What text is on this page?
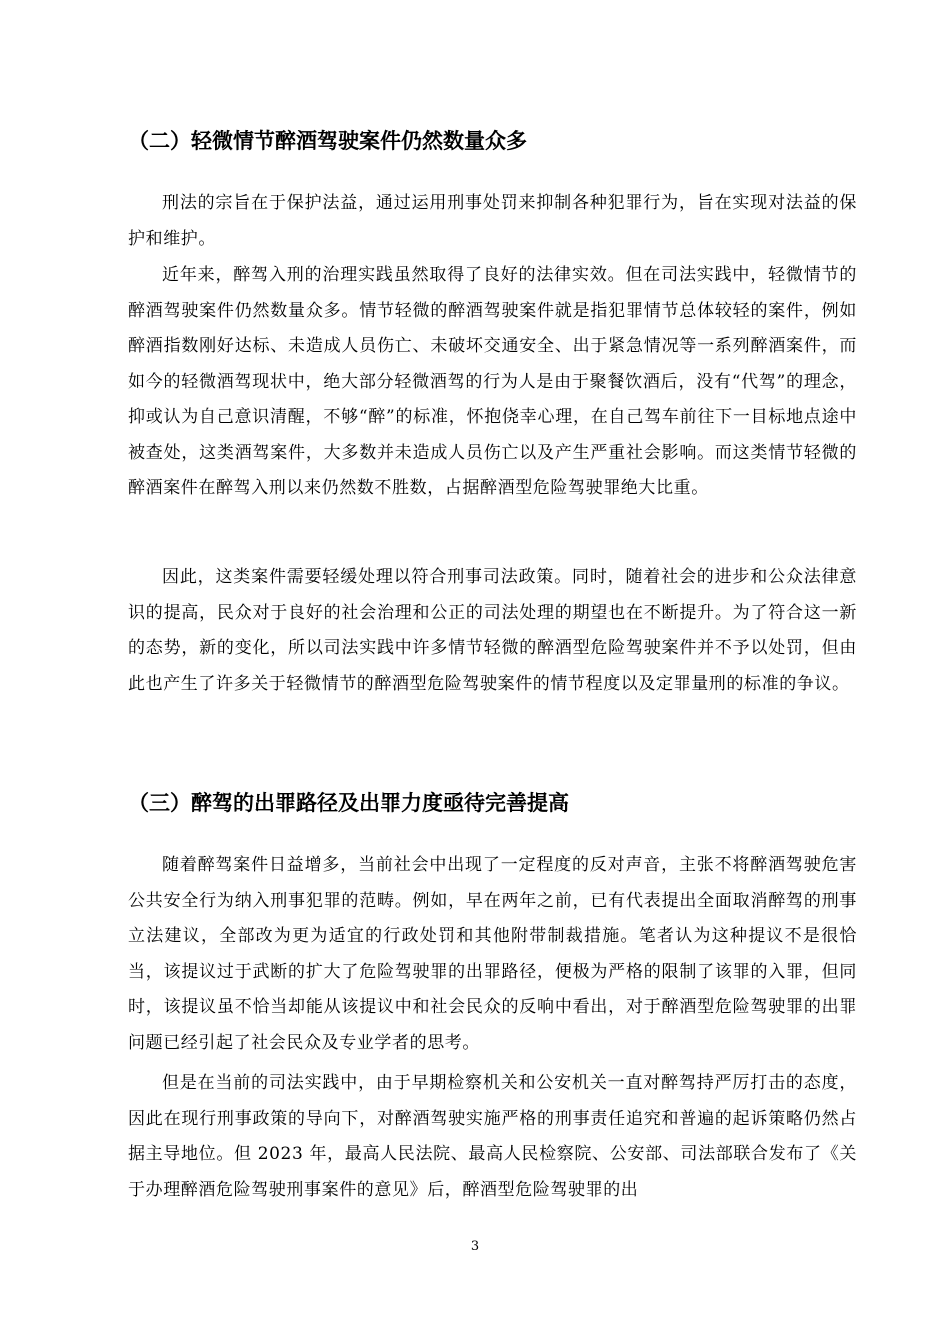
（二）轻微情节醉酒驾驶案件仍然数量众多

刑法的宗旨在于保护法益，通过运用刑事处罚来抑制各种犯罪行为，旨在实现对法益的保护和维护。

近年来，醉驾入刑的治理实践虽然取得了良好的法律实效。但在司法实践中，轻微情节的醉酒驾驶案件仍然数量众多。情节轻微的醉酒驾驶案件就是指犯罪情节总体较轻的案件，例如醉酒指数刚好达标、未造成人员伤亡、未破坏交通安全、出于紧急情况等一系列醉酒案件，而如今的轻微酒驾现状中，绝大部分轻微酒驾的行为人是由于聚餐饮酒后，没有“代驾”的理念，抑或认为自己意识清醒，不够“醉”的标准，怀抱侥幸心理，在自己驾车前往下一目标地点途中被查处，这类酒驾案件，大多数并未造成人员伤亡以及产生严重社会影响。而这类情节轻微的醉酒案件在醉驾入刑以来仍然数不胜数，占据醉酒型危险驾驶罪绝大比重。

因此，这类案件需要轻缓处理以符合刑事司法政策。同时，随着社会的进步和公众法律意识的提高，民众对于良好的社会治理和公正的司法处理的期望也在不断提升。为了符合这一新的态势，新的变化，所以司法实践中许多情节轻微的醉酒型危险驾驶案件并不予以处罚，但由此也产生了许多关于轻微情节的醉酒型危险驾驶案件的情节程度以及定罪量刑的标准的争议。

（三）醉驾的出罪路径及出罪力度亟待完善提高

随着醉驾案件日益增多，当前社会中出现了一定程度的反对声音，主张不将醉酒驾驶危害公共安全行为纳入刑事犯罪的范畴。例如，早在两年之前，已有代表提出全面取消醉驾的刑事立法建议，全部改为更为适宜的行政处罚和其他附带制裁措施。笔者认为这种提议不是很恰当，该提议过于武断的扩大了危险驾驶罪的出罪路径，便极为严格的限制了该罪的入罪，但同时，该提议虽不恰当却能从该提议中和社会民众的反响中看出，对于醉酒型危险驾驶罪的出罪问题已经引起了社会民众及专业学者的思考。

但是在当前的司法实践中，由于早期检察机关和公安机关一直对醉驾持严厉打击的态度，因此在现行刑事政策的导向下，对醉酒驾驶实施严格的刑事责任追究和普遍的起诉策略仍然占据主导地位。但 2023 年，最高人民法院、最高人民检察院、公安部、司法部联合发布了《关于办理醉酒危险驾驶刑事案件的意见》后，醉酒型危险驾驶罪的出

3
